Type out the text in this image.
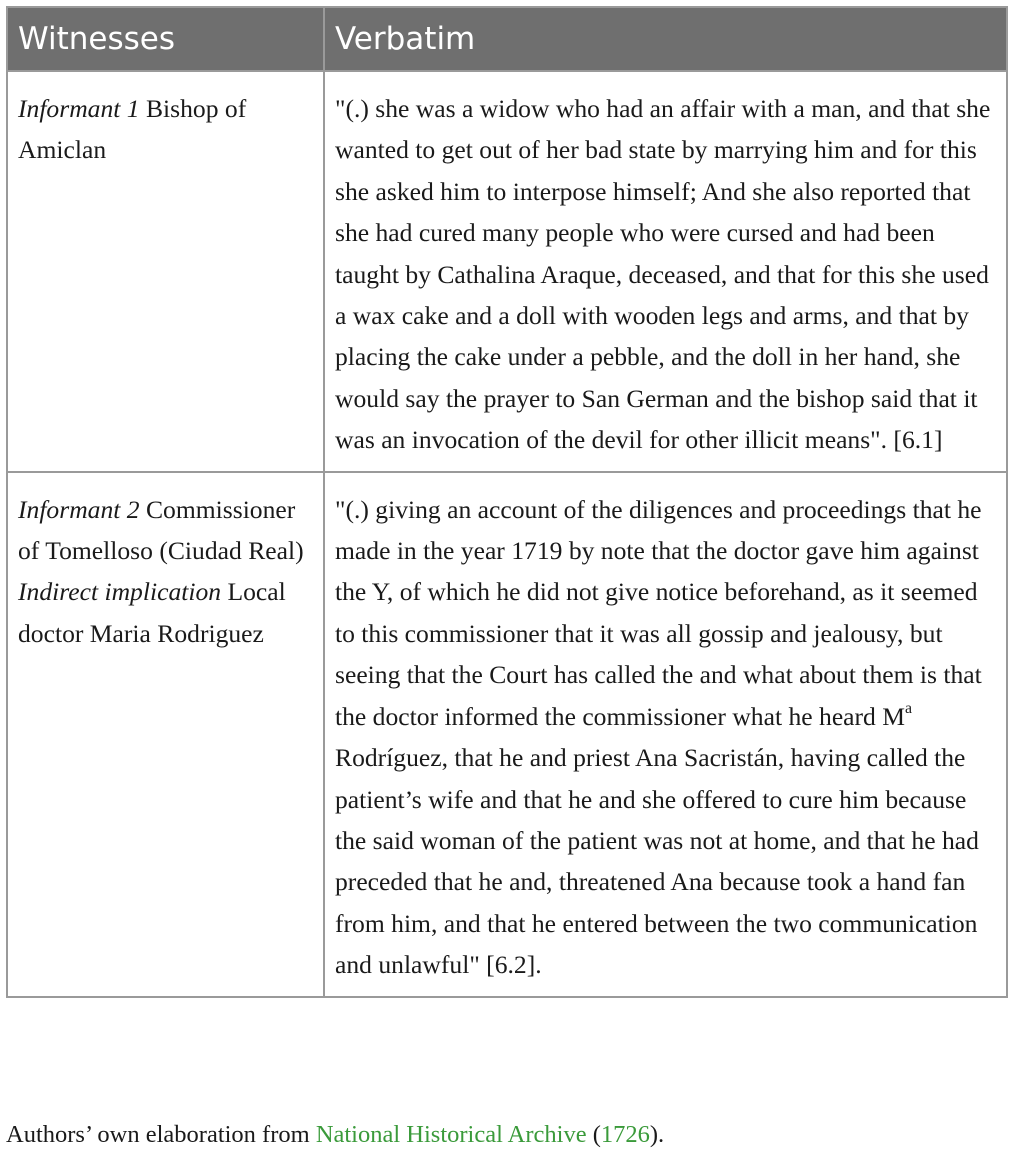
Witnesses	Verbatim
Informant 1 Bishop of Amiclan	"(.) she was a widow who had an affair with a man, and that she wanted to get out of her bad state by marrying him and for this she asked him to interpose himself; And she also reported that she had cured many people who were cursed and had been taught by Cathalina Araque, deceased, and that for this she used a wax cake and a doll with wooden legs and arms, and that by placing the cake under a pebble, and the doll in her hand, she would say the prayer to San German and the bishop said that it was an invocation of the devil for other illicit means". [6.1]
Informant 2 Commissioner of Tomelloso (Ciudad Real) Indirect implication Local doctor Maria Rodriguez	"(.) giving an account of the diligences and proceedings that he made in the year 1719 by note that the doctor gave him against the Y, of which he did not give notice beforehand, as it seemed to this commissioner that it was all gossip and jealousy, but seeing that the Court has called the and what about them is that the doctor informed the commissioner what he heard $M^a$ Rodríguez, that he and priest Ana Sacristán, having called the patient’s wife and that he and she offered to cure him because the said woman of the patient was not at home, and that he had preceded that he and, threatened Ana because took a hand fan from him, and that he entered between the two communication and unlawful" [6.2].
Authors’ own elaboration from National Historical Archive (1726).
